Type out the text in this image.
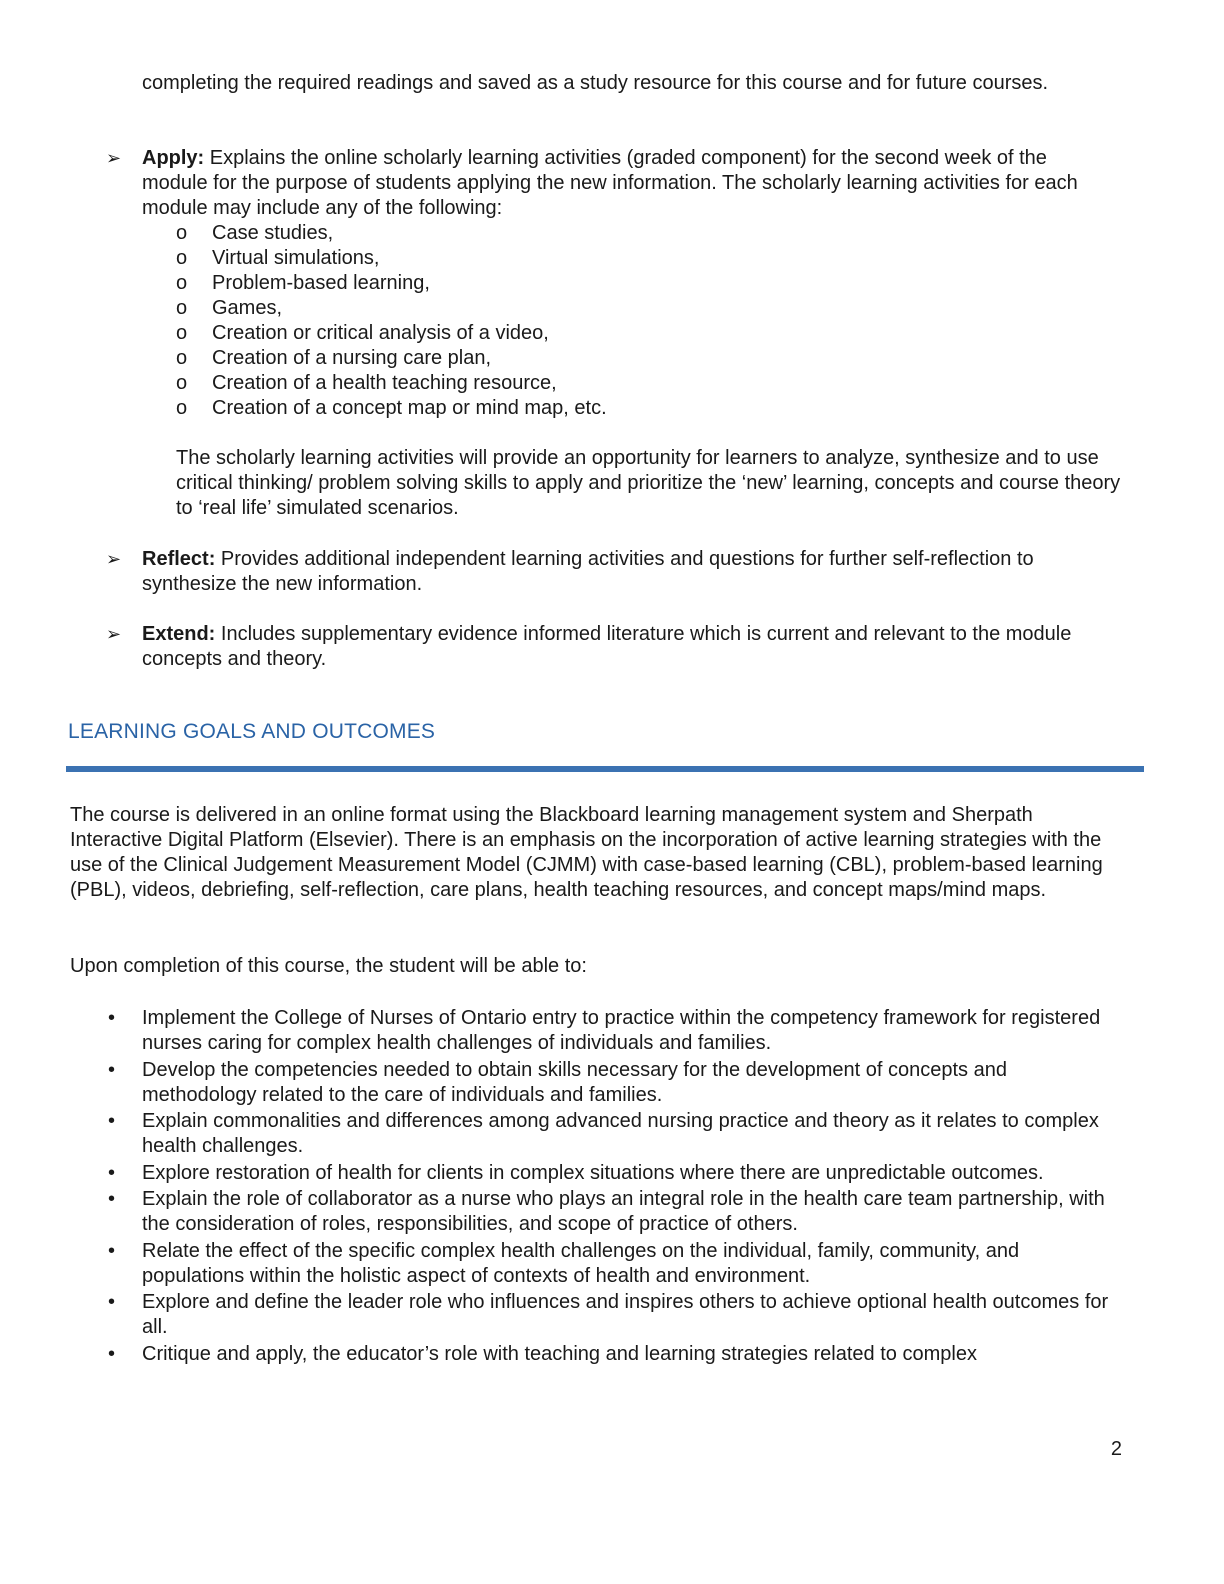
completing the required readings and saved as a study resource for this course and for future courses.

➢	Apply: Explains the online scholarly learning activities (graded component) for the second week of the module for the purpose of students applying the new information. The scholarly learning activities for each module may include any of the following:
o Case studies,
o Virtual simulations,
o Problem-based learning,
o Games,
o Creation or critical analysis of a video,
o Creation of a nursing care plan,
o Creation of a health teaching resource,
o Creation of a concept map or mind map, etc.

The scholarly learning activities will provide an opportunity for learners to analyze, synthesize and to use critical thinking/ problem solving skills to apply and prioritize the ‘new’ learning, concepts and course theory to ‘real life’ simulated scenarios.

➢	Reflect: Provides additional independent learning activities and questions for further self-reflection to synthesize the new information.
➢	Extend: Includes supplementary evidence informed literature which is current and relevant to the module concepts and theory.
LEARNING GOALS AND OUTCOMES

The course is delivered in an online format using the Blackboard learning management system and Sherpath Interactive Digital Platform (Elsevier). There is an emphasis on the incorporation of active learning strategies with the use of the Clinical Judgement Measurement Model (CJMM) with case-based learning (CBL), problem-based learning (PBL), videos, debriefing, self-reflection, care plans, health teaching resources, and concept maps/mind maps.

Upon completion of this course, the student will be able to:

• Implement the College of Nurses of Ontario entry to practice within the competency framework for registered nurses caring for complex health challenges of individuals and families.
• Develop the competencies needed to obtain skills necessary for the development of concepts and methodology related to the care of individuals and families.
• Explain commonalities and differences among advanced nursing practice and theory as it relates to complex health challenges.
• Explore restoration of health for clients in complex situations where there are unpredictable outcomes.
• Explain the role of collaborator as a nurse who plays an integral role in the health care team partnership, with the consideration of roles, responsibilities, and scope of practice of others.
• Relate the effect of the specific complex health challenges on the individual, family, community, and populations within the holistic aspect of contexts of health and environment.
• Explore and define the leader role who influences and inspires others to achieve optional health outcomes for all.
• Critique and apply, the educator’s role with teaching and learning strategies related to complex
2
